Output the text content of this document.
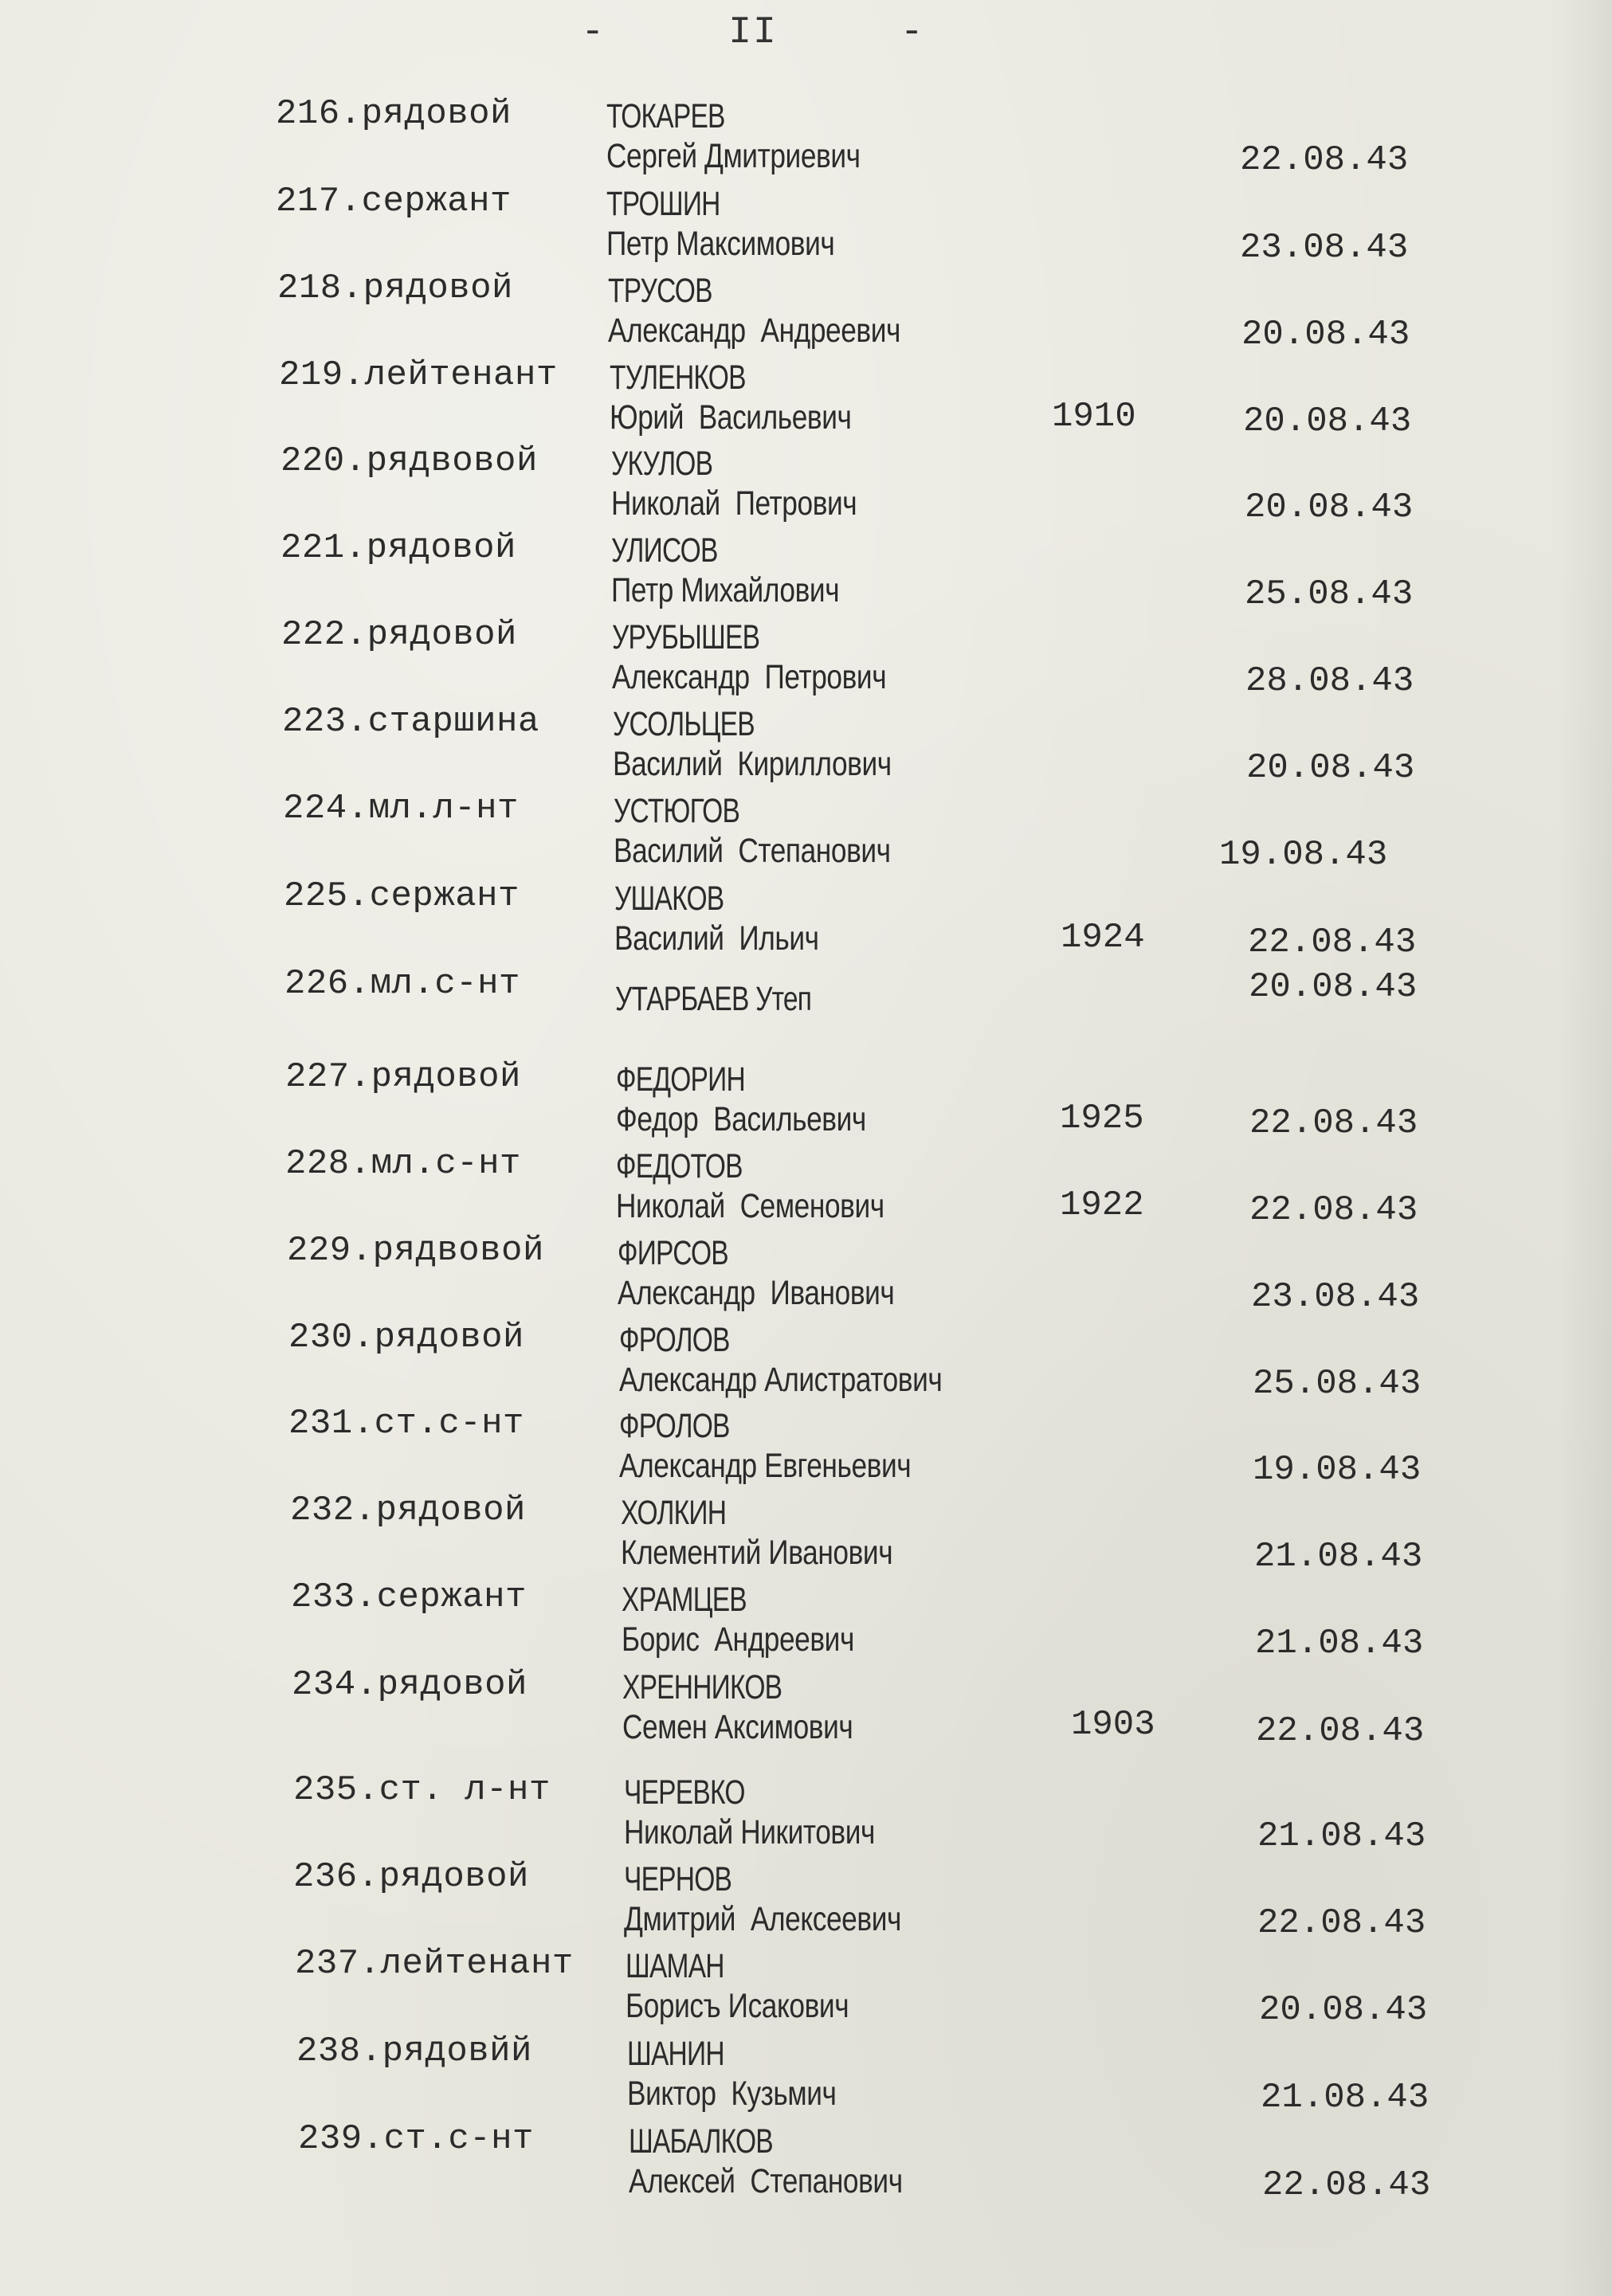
-     II     -
216.рядовой	ТОКАРЕВ
Сергей Дмитриевич	22.08.43
217.сержант	ТРОШИН
Петр Максимович	23.08.43
218.рядовой	ТРУСОВ
Александр  Андреевич	20.08.43
219.лейтенант ТУЛЕНКОВ
Юрий  Васильевич	1910	20.08.43
220.рядвовой УКУЛОВ
Николай  Петрович	20.08.43
221.рядовой	УЛИСОВ
Петр Михайлович	25.08.43
222.рядовой	УРУБЫШЕВ
Александр  Петрович	28.08.43
223.старшина УСОЛЬЦЕВ
Василий  Кириллович	20.08.43
224.мл.л-нт	УСТЮГОВ
Василий  Степанович	19.08.43
225.сержант	УШАКОВ
Василий  Ильич	1924	22.08.43
226.мл.с-нт	УТАРБАЕВ Утеп	20.08.43
227.рядовой	ФЕДОРИН
Федор  Васильевич	1925	22.08.43
228.мл.с-нт	ФЕДОТОВ
Николай  Семенович	1922	22.08.43
229.рядвовой ФИРСОВ
Александр  Иванович	23.08.43
230.рядовой	ФРОЛОВ
Александр Алистратович	25.08.43
231.ст.с-нт	ФРОЛОВ
Александр Евгеньевич	19.08.43
232.рядовой	ХОЛКИН
Клементий Иванович	21.08.43
233.сержант	ХРАМЦЕВ
Борис  Андреевич	21.08.43
234.рядовой	ХРЕННИКОВ
Семен Аксимович	1903	22.08.43
235.ст. л-нт ЧЕРЕВКО
Николай Никитович	21.08.43
236.рядовой	ЧЕРНОВ
Дмитрий  Алексеевич	22.08.43
237.лейтенант ШАМАН
Борисъ Исакович	20.08.43
238.рядовйй	ШАНИН
Виктор  Кузьмич	21.08.43
239.ст.с-нт	ШАБАЛКОВ
Алексей  Степанович	22.08.43
